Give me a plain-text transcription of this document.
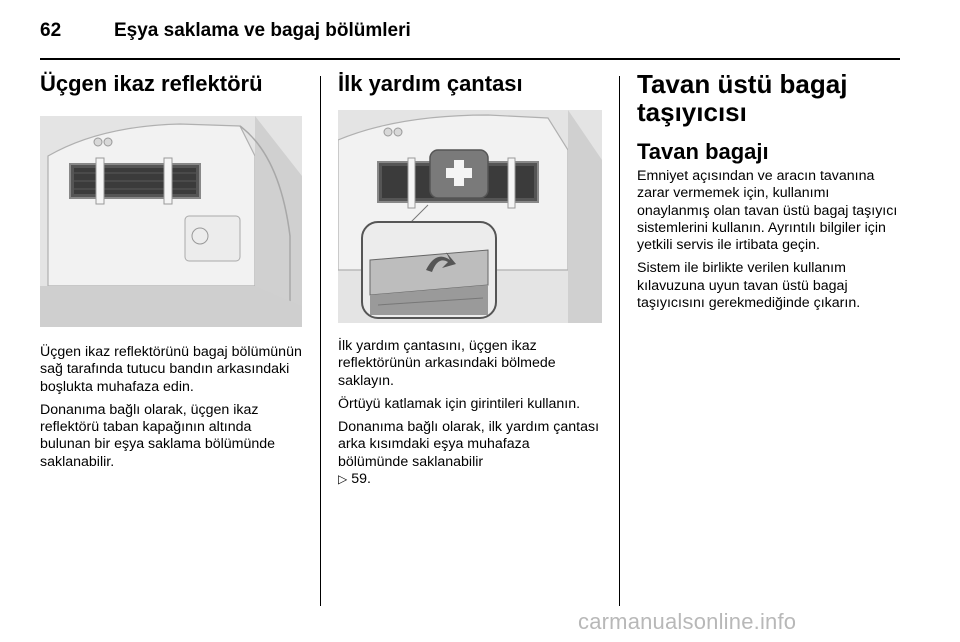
62	Eşya saklama ve bagaj bölümleri
Üçgen ikaz reflektörü

Üçgen ikaz reflektörünü bagaj bölümünün sağ tarafında tutucu bandın arkasındaki boşlukta muhafaza edin.

Donanıma bağlı olarak, üçgen ikaz reflektörü taban kapağının altında bulunan bir eşya saklama bölümünde saklanabilir.

İlk yardım çantası

İlk yardım çantasını, üçgen ikaz reflektörünün arkasındaki bölmede saklayın.

Örtüyü katlamak için girintileri kullanın.

Donanıma bağlı olarak, ilk yardım çantası arka kısımdaki eşya muhafaza bölümünde saklanabilir
▷ 59.

Tavan üstü bagaj taşıyıcısı
Tavan bagajı

Emniyet açısından ve aracın tavanına zarar vermemek için, kullanımı onaylanmış olan tavan üstü bagaj taşıyıcı sistemlerini kullanın. Ayrıntılı bilgiler için yetkili servis ile irtibata geçin.

Sistem ile birlikte verilen kullanım kılavuzuna uyun tavan üstü bagaj taşıyıcısını gerekmediğinde çıkarın.

carmanualsonline.info
